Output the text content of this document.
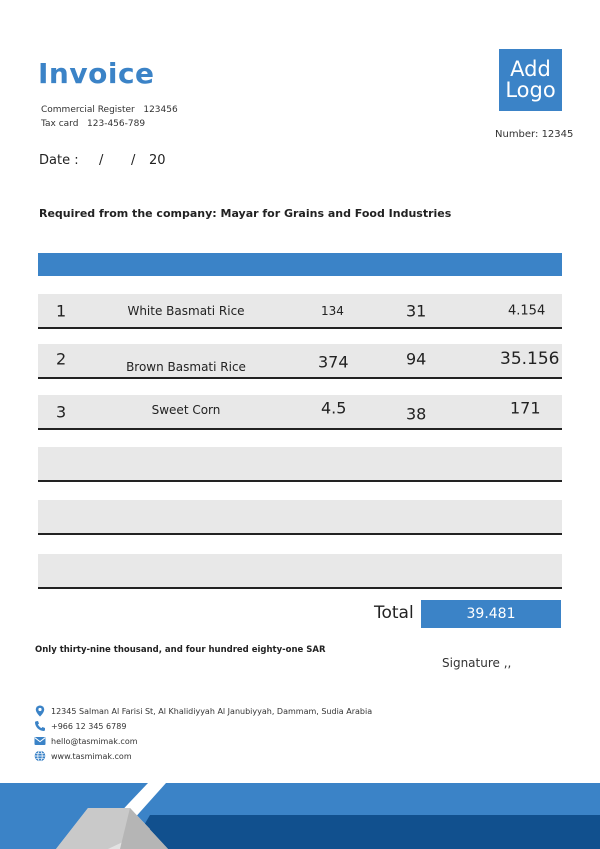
Invoice
Commercial Register 123456
Tax card 123-456-789
Add
Logo
Number: 12345
Date : / / 20
Required from the company: Mayar for Grains and Food Industries
1	White Basmati Rice	134	31	4.154
2	Brown Basmati Rice	374	94	35.156
3	Sweet Corn	4.5	38	171
Total	39.481
Only thirty-nine thousand, and four hundred eighty-one SAR
Signature ,,
12345 Salman Al Farisi St, Al Khalidiyyah Al Janubiyyah, Dammam, Sudia Arabia
+966 12 345 6789
hello@tasmimak.com
www.tasmimak.com
